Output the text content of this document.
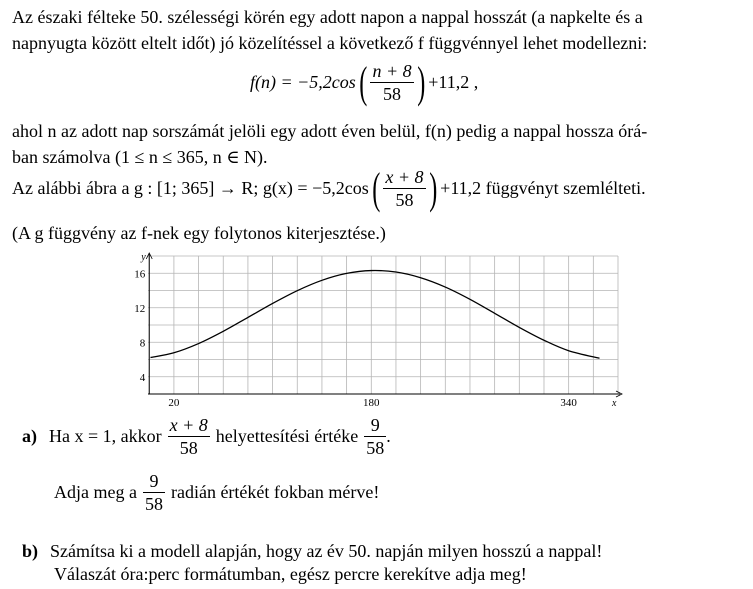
Az északi félteke 50. szélességi körén egy adott napon a nappal hosszát (a napkelte és a
napnyugta között eltelt időt) jó közelítéssel a következő f függvénnyel lehet modellezni:
$f(n) = -5,2\cos( \frac{n + 8}{58}$ ) +11,2 ,
ahol n az adott nap sorszámát jelöli egy adott éven belül, f(n) pedig a nappal hossza órá-
ban számolva (1 ≤ n ≤ 365, n ∈ N).
Az alábbi ábra a g : [1; 365] → R; $g(x) = -5,2\cos( \frac{x + 8}{58}$ ) +11,2 függvényt szemlélteti.
(A g függvény az f-nek egy folytonos kiterjesztése.)
y
x
4
8
12
16
20	180	340
a) Ha x = 1, akkor $\frac{x + 8}{58}$ helyettesítési értéke $\frac{9}{58}$ .
Adja meg a $\frac{9}{58}$ radián értékét fokban mérve!
b) Számítsa ki a modell alapján, hogy az év 50. napján milyen hosszú a nappal!
Válaszát óra:perc formátumban, egész percre kerekítve adja meg!
